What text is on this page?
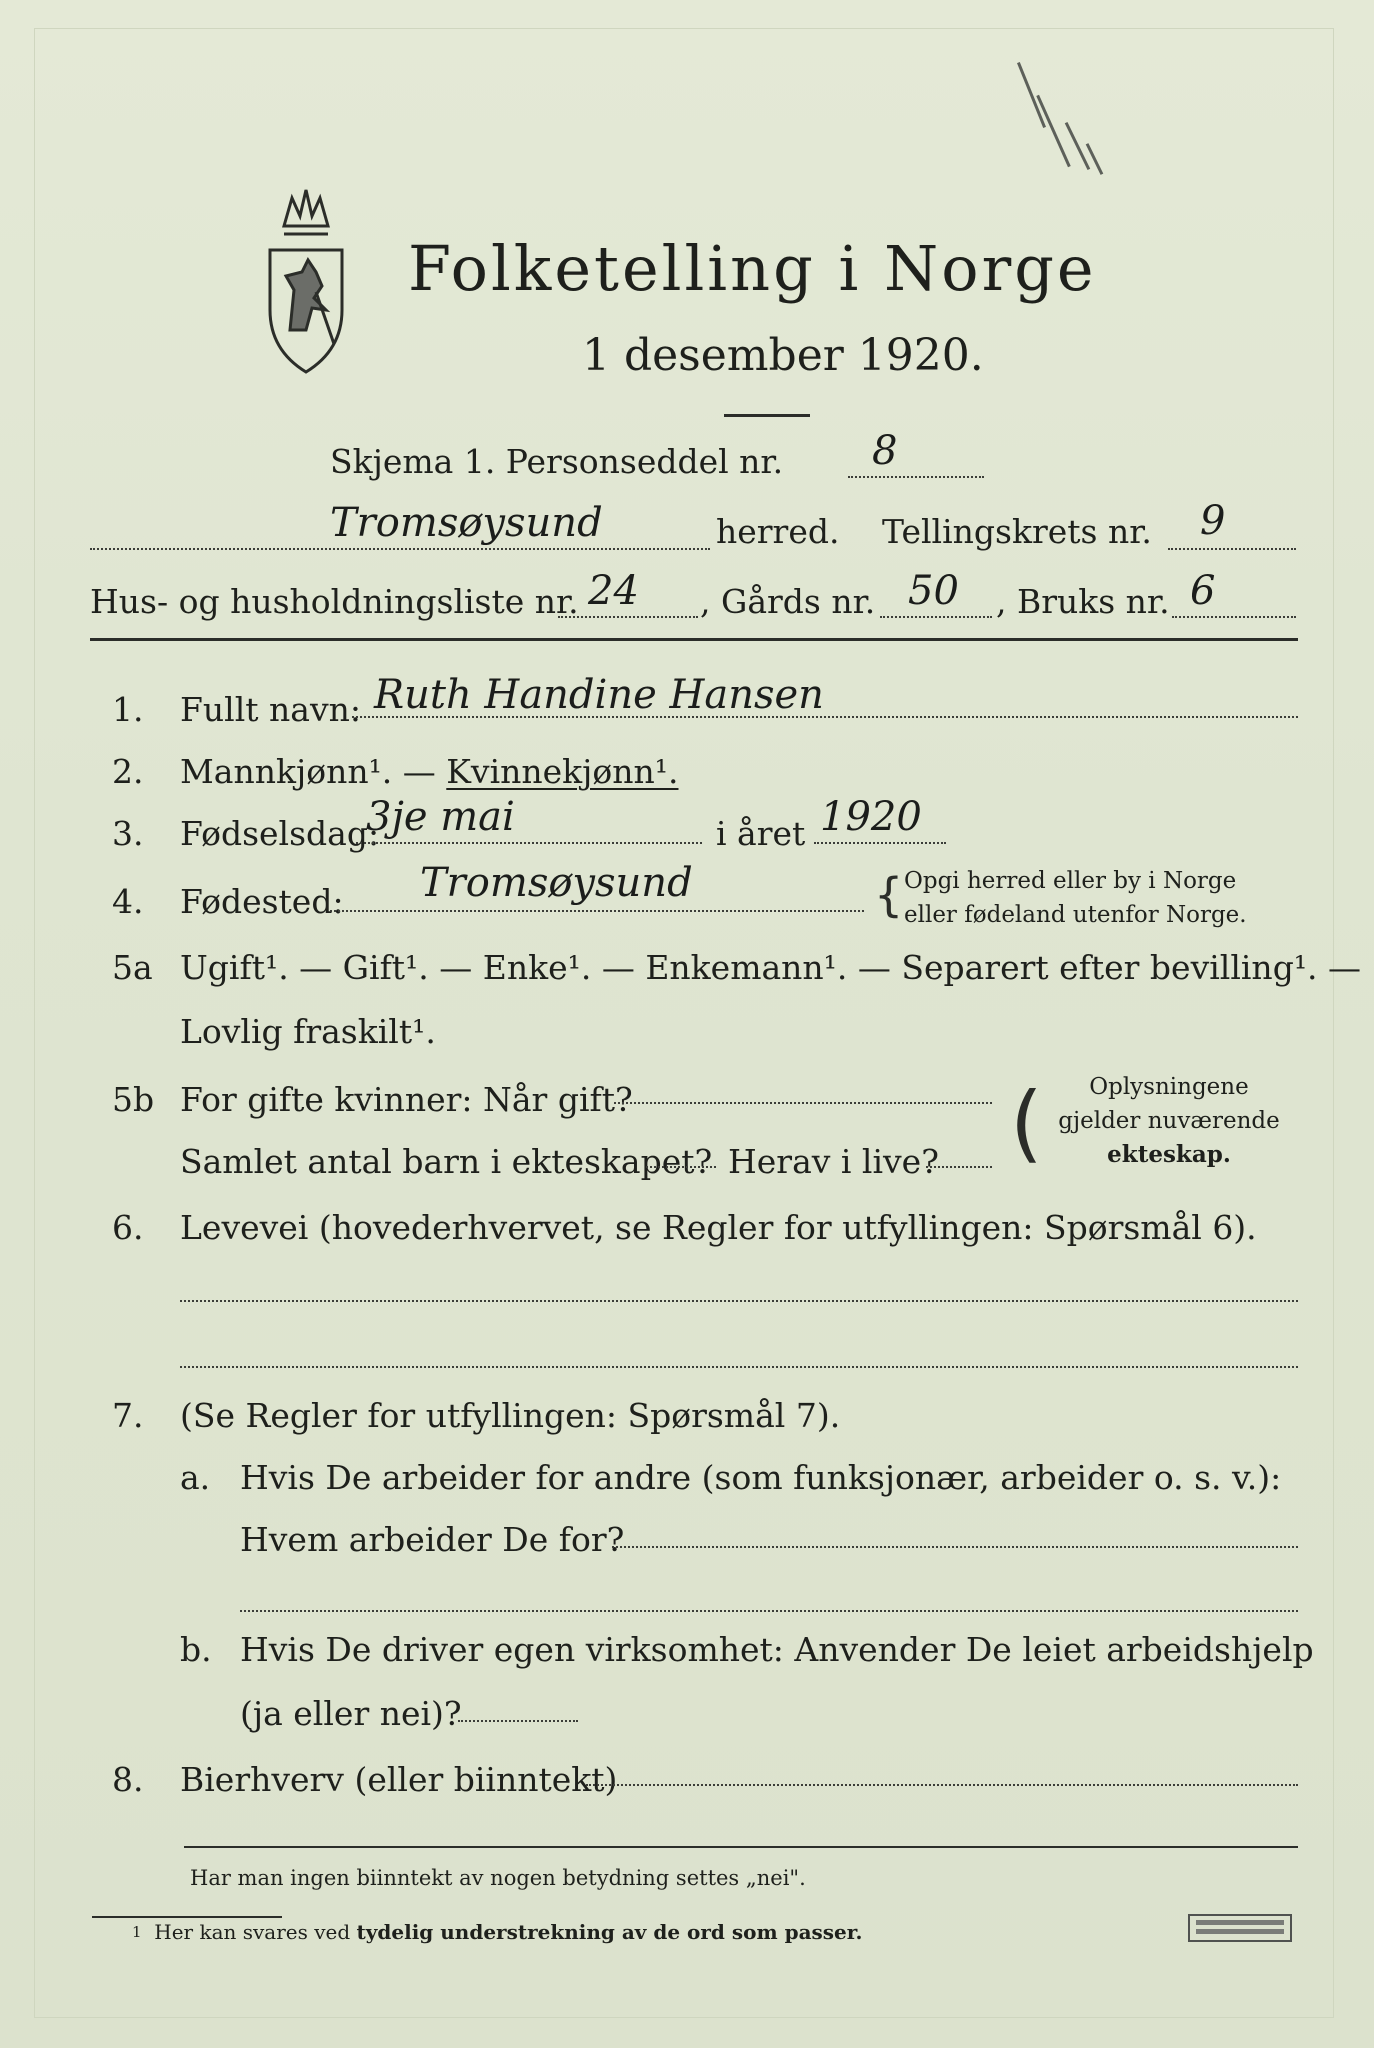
Folketelling i Norge
1 desember 1920.
Skjema 1. Personseddel nr. 8
Tromsøysund	herred. Tellingskrets nr. 9
Hus- og husholdningsliste nr. 24 , Gårds nr. 50 , Bruks nr. 6
1. Fullt navn: Ruth Handine Hansen
2. Mannkjønn¹. — Kvinnekjønn¹.
3. Fødselsdag:
3je mai	i året 1920
4. Fødested: Tromsøysund	{ Opgi herred eller by i Norge
eller fødeland utenfor Norge.
5a Ugift¹. — Gift¹. — Enke¹. — Enkemann¹. — Separert efter bevilling¹. —
Lovlig fraskilt¹.
5b For gifte kvinner: Når gift?
Samlet antal barn i ekteskapet? Herav i live? (	Oplysningene
gjelder nuværende
ekteskap.
6. Levevei (hovederhvervet, se Regler for utfyllingen: Spørsmål 6).
7. (Se Regler for utfyllingen: Spørsmål 7).
a. Hvis De arbeider for andre (som funksjonær, arbeider o. s. v.):
Hvem arbeider De for?
b. Hvis De driver egen virksomhet: Anvender De leiet arbeidshjelp
(ja eller nei)?
8. Bierhverv (eller biinntekt)
Har man ingen biinntekt av nogen betydning settes „nei".
1 Her kan svares ved tydelig understrekning av de ord som passer.
